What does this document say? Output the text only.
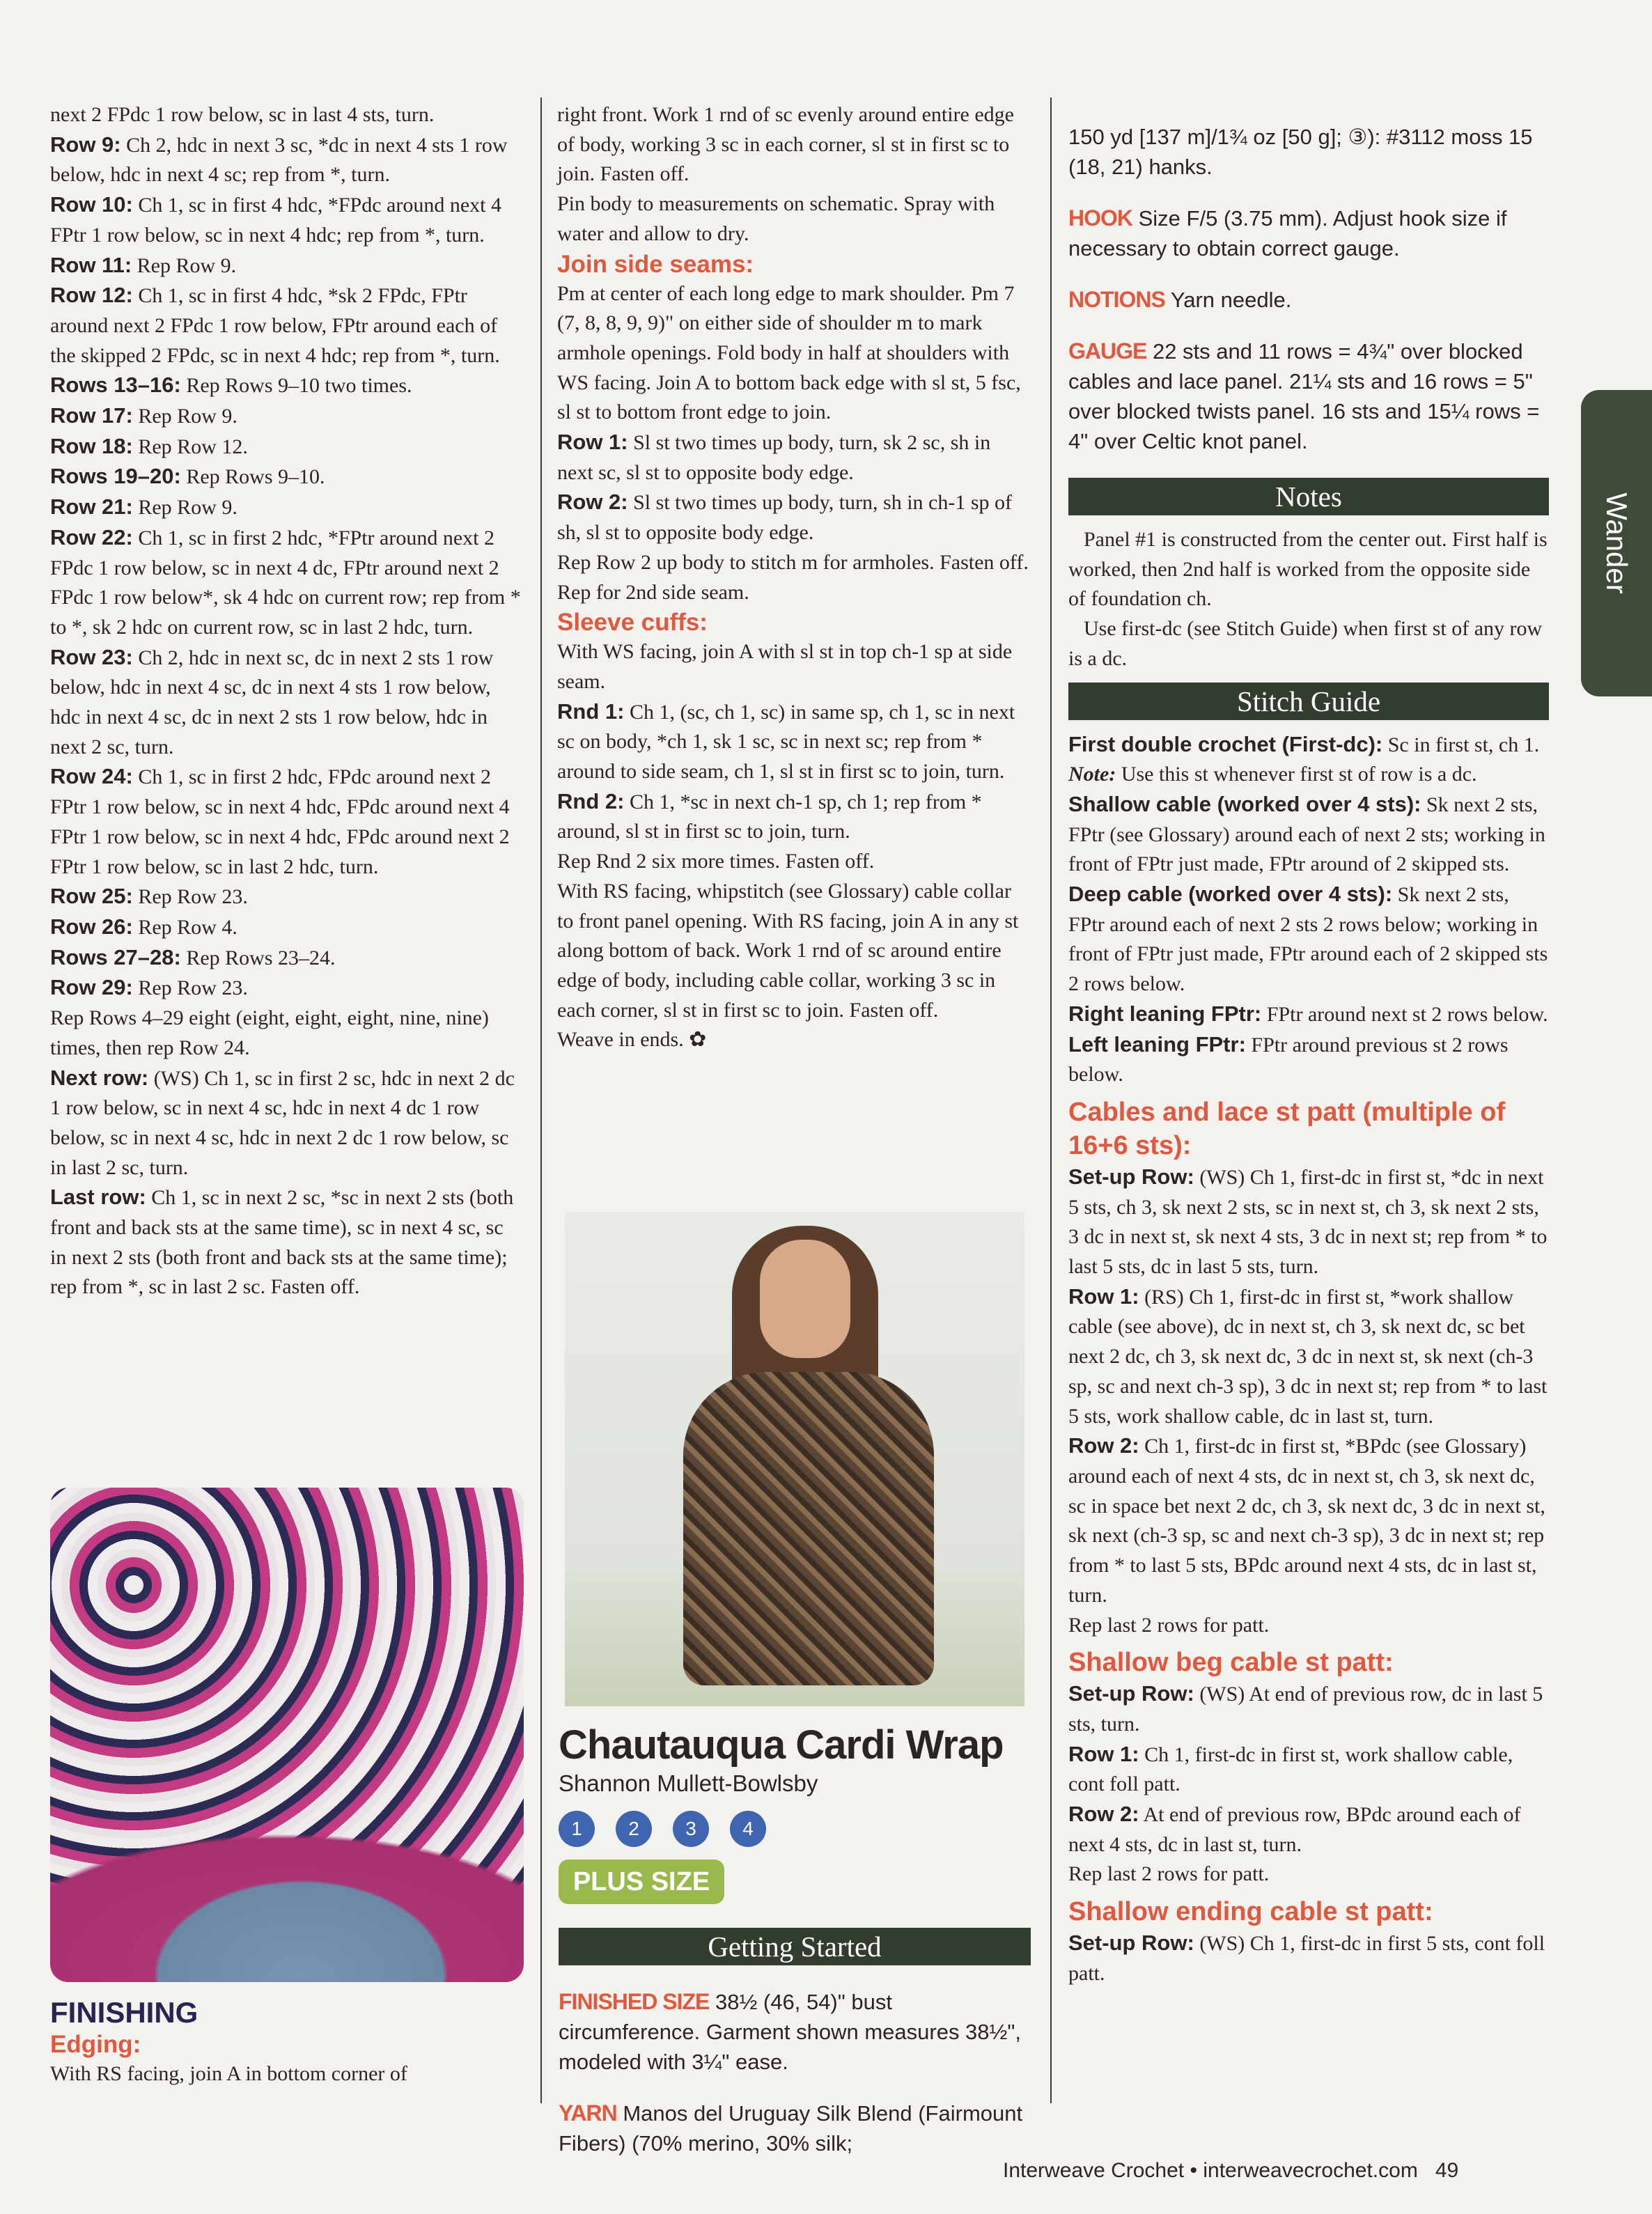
next 2 FPdc 1 row below, sc in last 4 sts, turn.

Row 9: Ch 2, hdc in next 3 sc, *dc in next 4 sts 1 row below, hdc in next 4 sc; rep from *, turn.

Row 10: Ch 1, sc in first 4 hdc, *FPdc around next 4 FPtr 1 row below, sc in next 4 hdc; rep from *, turn.

Row 11: Rep Row 9.

Row 12: Ch 1, sc in first 4 hdc, *sk 2 FPdc, FPtr around next 2 FPdc 1 row below, FPtr around each of the skipped 2 FPdc, sc in next 4 hdc; rep from *, turn.

Rows 13–16: Rep Rows 9–10 two times.

Row 17: Rep Row 9.

Row 18: Rep Row 12.

Rows 19–20: Rep Rows 9–10.

Row 21: Rep Row 9.

Row 22: Ch 1, sc in first 2 hdc, *FPtr around next 2 FPdc 1 row below, sc in next 4 dc, FPtr around next 2 FPdc 1 row below*, sk 4 hdc on current row; rep from * to *, sk 2 hdc on current row, sc in last 2 hdc, turn.

Row 23: Ch 2, hdc in next sc, dc in next 2 sts 1 row below, hdc in next 4 sc, dc in next 4 sts 1 row below, hdc in next 4 sc, dc in next 2 sts 1 row below, hdc in next 2 sc, turn.

Row 24: Ch 1, sc in first 2 hdc, FPdc around next 2 FPtr 1 row below, sc in next 4 hdc, FPdc around next 4 FPtr 1 row below, sc in next 4 hdc, FPdc around next 2 FPtr 1 row below, sc in last 2 hdc, turn.

Row 25: Rep Row 23.

Row 26: Rep Row 4.

Rows 27–28: Rep Rows 23–24.

Row 29: Rep Row 23.

Rep Rows 4–29 eight (eight, eight, eight, nine, nine) times, then rep Row 24.

Next row: (WS) Ch 1, sc in first 2 sc, hdc in next 2 dc 1 row below, sc in next 4 sc, hdc in next 4 dc 1 row below, sc in next 4 sc, hdc in next 2 dc 1 row below, sc in last 2 sc, turn.

Last row: Ch 1, sc in next 2 sc, *sc in next 2 sts (both front and back sts at the same time), sc in next 4 sc, sc in next 2 sts (both front and back sts at the same time); rep from *, sc in last 2 sc. Fasten off.

FINISHING

Edging:

With RS facing, join A in bottom corner of

right front. Work 1 rnd of sc evenly around entire edge of body, working 3 sc in each corner, sl st in first sc to join. Fasten off.

Pin body to measurements on schematic. Spray with water and allow to dry.

Join side seams:

Pm at center of each long edge to mark shoulder. Pm 7 (7, 8, 8, 9, 9)" on either side of shoulder m to mark armhole openings. Fold body in half at shoulders with WS facing. Join A to bottom back edge with sl st, 5 fsc, sl st to bottom front edge to join.

Row 1: Sl st two times up body, turn, sk 2 sc, sh in next sc, sl st to opposite body edge.

Row 2: Sl st two times up body, turn, sh in ch-1 sp of sh, sl st to opposite body edge.

Rep Row 2 up body to stitch m for armholes. Fasten off.

Rep for 2nd side seam.

Sleeve cuffs:

With WS facing, join A with sl st in top ch-1 sp at side seam.

Rnd 1: Ch 1, (sc, ch 1, sc) in same sp, ch 1, sc in next sc on body, *ch 1, sk 1 sc, sc in next sc; rep from * around to side seam, ch 1, sl st in first sc to join, turn.

Rnd 2: Ch 1, *sc in next ch-1 sp, ch 1; rep from * around, sl st in first sc to join, turn.

Rep Rnd 2 six more times. Fasten off.

With RS facing, whipstitch (see Glossary) cable collar to front panel opening. With RS facing, join A in any st along bottom of back. Work 1 rnd of sc around entire edge of body, including cable collar, working 3 sc in each corner, sl st in first sc to join. Fasten off.

Weave in ends. ✿

Chautauqua Cardi Wrap
Shannon Mullett-Bowlsby
1	2	3	4
PLUS SIZE
Getting Started

FINISHED SIZE 38½ (46, 54)" bust circumference. Garment shown measures 38½", modeled with 3¼" ease.

YARN Manos del Uruguay Silk Blend (Fairmount Fibers) (70% merino, 30% silk;

150 yd [137 m]/1¾ oz [50 g]; ③): #3112 moss 15 (18, 21) hanks.

HOOK Size F/5 (3.75 mm). Adjust hook size if necessary to obtain correct gauge.

NOTIONS Yarn needle.

GAUGE 22 sts and 11 rows = 4¾" over blocked cables and lace panel. 21¼ sts and 16 rows = 5" over blocked twists panel. 16 sts and 15¼ rows = 4" over Celtic knot panel.

Notes

Panel #1 is constructed from the center out. First half is worked, then 2nd half is worked from the opposite side of foundation ch.

Use first-dc (see Stitch Guide) when first st of any row is a dc.

Stitch Guide

First double crochet (First-dc): Sc in first st, ch 1. Note: Use this st whenever first st of row is a dc.

Shallow cable (worked over 4 sts): Sk next 2 sts, FPtr (see Glossary) around each of next 2 sts; working in front of FPtr just made, FPtr around of 2 skipped sts.

Deep cable (worked over 4 sts): Sk next 2 sts, FPtr around each of next 2 sts 2 rows below; working in front of FPtr just made, FPtr around each of 2 skipped sts 2 rows below.

Right leaning FPtr: FPtr around next st 2 rows below.

Left leaning FPtr: FPtr around previous st 2 rows below.

Cables and lace st patt (multiple of 16+6 sts):

Set-up Row: (WS) Ch 1, first-dc in first st, *dc in next 5 sts, ch 3, sk next 2 sts, sc in next st, ch 3, sk next 2 sts, 3 dc in next st, sk next 4 sts, 3 dc in next st; rep from * to last 5 sts, dc in last 5 sts, turn.

Row 1: (RS) Ch 1, first-dc in first st, *work shallow cable (see above), dc in next st, ch 3, sk next dc, sc bet next 2 dc, ch 3, sk next dc, 3 dc in next st, sk next (ch-3 sp, sc and next ch-3 sp), 3 dc in next st; rep from * to last 5 sts, work shallow cable, dc in last st, turn.

Row 2: Ch 1, first-dc in first st, *BPdc (see Glossary) around each of next 4 sts, dc in next st, ch 3, sk next dc, sc in space bet next 2 dc, ch 3, sk next dc, 3 dc in next st, sk next (ch-3 sp, sc and next ch-3 sp), 3 dc in next st; rep from * to last 5 sts, BPdc around next 4 sts, dc in last st, turn.

Rep last 2 rows for patt.

Shallow beg cable st patt:

Set-up Row: (WS) At end of previous row, dc in last 5 sts, turn.

Row 1: Ch 1, first-dc in first st, work shallow cable, cont foll patt.

Row 2: At end of previous row, BPdc around each of next 4 sts, dc in last st, turn.

Rep last 2 rows for patt.

Shallow ending cable st patt:

Set-up Row: (WS) Ch 1, first-dc in first 5 sts, cont foll patt.

Wander
Interweave Crochet • interweavecrochet.com 49
